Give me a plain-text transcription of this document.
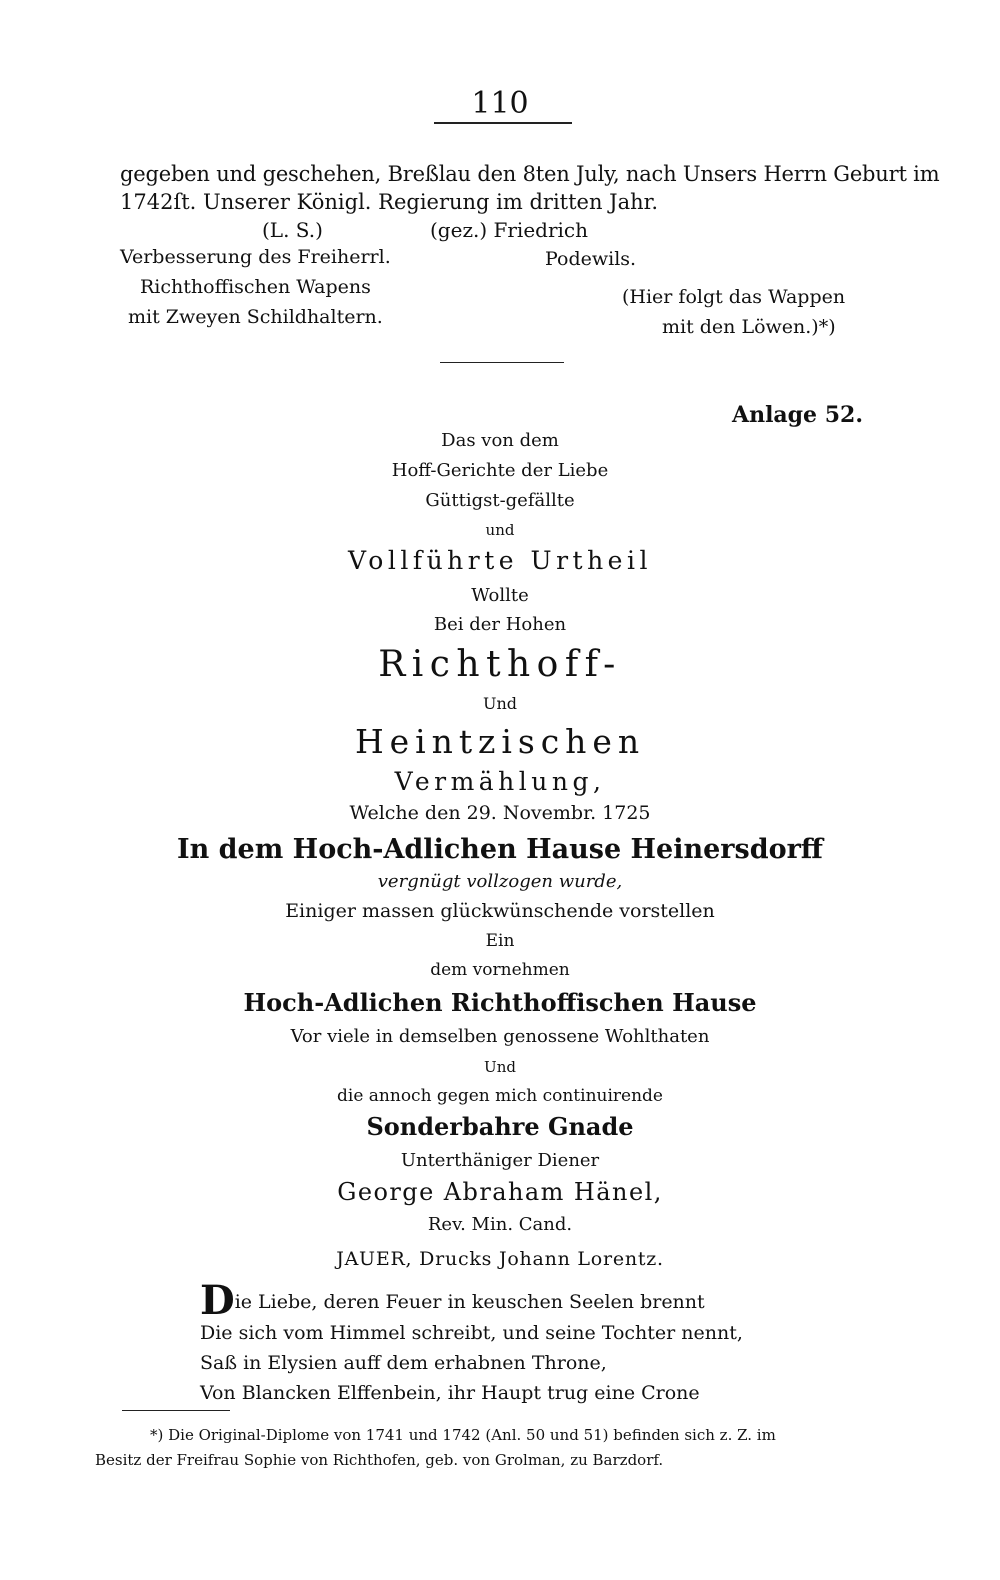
110
gegeben und geschehen, Breßlau den 8ten July, nach Unsers Herrn Geburt im
1742ſt. Unserer Königl. Regierung im dritten Jahr.
(L. S.)	(gez.) Friedrich
Verbesserung des Freiherrl.	Podewils.
Richthoffischen Wapens	(Hier folgt das Wappen
mit Zweyen Schildhaltern.	mit den Löwen.)*)
Anlage 52.
Das von dem
Hoff-Gerichte der Liebe
Güttigst-gefällte
und
Vollführte Urtheil
Wollte
Bei der Hohen
Richthoff-
Und
Heintzischen
Vermählung,
Welche den 29. Novembr. 1725
In dem Hoch-Adlichen Hause Heinersdorff
vergnügt vollzogen wurde,
Einiger massen glückwünschende vorstellen
Ein
dem vornehmen
Hoch-Adlichen Richthoffischen Hause
Vor viele in demselben genossene Wohlthaten
Und
die annoch gegen mich continuirende
Sonderbahre Gnade
Unterthäniger Diener
George Abraham Hänel,
Rev. Min. Cand.
JAUER, Drucks Johann Lorentz.
Die Liebe, deren Feuer in keuschen Seelen brennt
Die sich vom Himmel schreibt, und seine Tochter nennt,
Saß in Elysien auff dem erhabnen Throne,
Von Blancken Elffenbein, ihr Haupt trug eine Crone
*) Die Original-Diplome von 1741 und 1742 (Anl. 50 und 51) befinden sich z. Z. im
Besitz der Freifrau Sophie von Richthofen, geb. von Grolman, zu Barzdorf.
